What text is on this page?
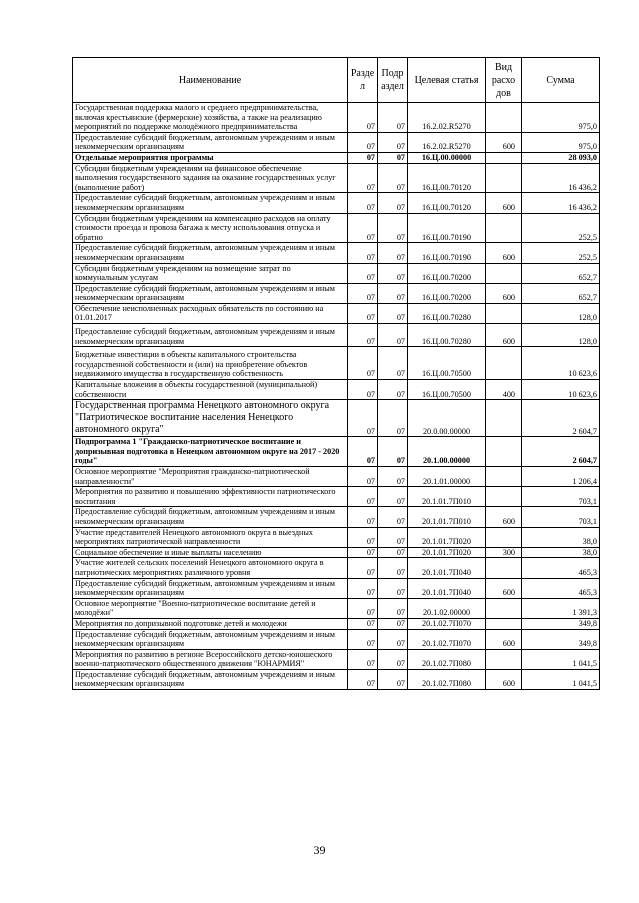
Наименование	Разде л	Подр аздел	Целевая статья	Вид расхо дов	Сумма
Государственная поддержка малого и среднего предпринимательства, включая крестьянские (фермерские) хозяйства, а также на реализацию мероприятий по поддержке молодёжного предпринимательства	07	07	16.2.02.R5270		975,0
Предоставление субсидий бюджетным, автономным учреждениям и иным некоммерческим организациям	07	07	16.2.02.R5270	600	975,0
Отдельные мероприятия программы	07	07	16.Ц.00.00000		28 093,0
Субсидии бюджетным учреждениям на финансовое обеспечение выполнения государственного задания на оказание государственных услуг (выполнение работ)	07	07	16.Ц.00.70120		16 436,2
Предоставление субсидий бюджетным, автономным учреждениям и иным некоммерческим организациям	07	07	16.Ц.00.70120	600	16 436,2
Субсидии бюджетным учреждениям на компенсацию расходов на оплату стоимости проезда и провоза багажа к месту использования отпуска и обратно	07	07	16.Ц.00.70190		252,5
Предоставление субсидий бюджетным, автономным учреждениям и иным некоммерческим организациям	07	07	16.Ц.00.70190	600	252,5
Субсидии бюджетным учреждениям на возмещение затрат по коммунальным услугам	07	07	16.Ц.00.70200		652,7
Предоставление субсидий бюджетным, автономным учреждениям и иным некоммерческим организациям	07	07	16.Ц.00.70200	600	652,7
Обеспечение неисполненных расходных обязательств по состоянию на 01.01.2017	07	07	16.Ц.00.70280		128,0
Предоставление субсидий бюджетным, автономным учреждениям и иным некоммерческим организациям	07	07	16.Ц.00.70280	600	128,0
Бюджетные инвестиции в объекты капитального строительства государственной собственности и (или) на приобретение объектов недвижимого имущества в государственную собственность	07	07	16.Ц.00.70500		10 623,6
Капитальные вложения в объекты государственной (муниципальной) собственности	07	07	16.Ц.00.70500	400	10 623,6
Государственная программа Ненецкого автономного округа "Патриотическое воспитание населения Ненецкого автономного округа"	07	07	20.0.00.00000		2 604,7
Подпрограмма 1 "Гражданско-патриотическое воспитание и допризывная подготовка в Ненецком автономном округе на 2017 - 2020 годы"	07	07	20.1.00.00000		2 604,7
Основное мероприятие "Мероприятия гражданско-патриотической направленности"	07	07	20.1.01.00000		1 206,4
Мероприятия по развитию и повышению эффективности патриотического воспитания	07	07	20.1.01.7П010		703,1
Предоставление субсидий бюджетным, автономным учреждениям и иным некоммерческим организациям	07	07	20.1.01.7П010	600	703,1
Участие представителей Ненецкого автономного округа в выездных мероприятиях патриотической направленности	07	07	20.1.01.7П020		38,0
Социальное обеспечение и иные выплаты населению	07	07	20.1.01.7П020	300	38,0
Участие жителей сельских поселений Ненецкого автономного округа в патриотических мероприятиях различного уровня	07	07	20.1.01.7П040		465,3
Предоставление субсидий бюджетным, автономным учреждениям и иным некоммерческим организациям	07	07	20.1.01.7П040	600	465,3
Основное мероприятие "Военно-патриотическое воспитание детей и молодёжи"	07	07	20.1.02.00000		1 391,3
Мероприятия по допризывной подготовке детей и молодежи	07	07	20.1.02.7П070		349,8
Предоставление субсидий бюджетным, автономным учреждениям и иным некоммерческим организациям	07	07	20.1.02.7П070	600	349,8
Мероприятия по развитию в регионе Всероссийского детско-юношеского военно-патриотического общественного движения "ЮНАРМИЯ"	07	07	20.1.02.7П080		1 041,5
Предоставление субсидий бюджетным, автономным учреждениям и иным некоммерческим организациям	07	07	20.1.02.7П080	600	1 041,5
39
